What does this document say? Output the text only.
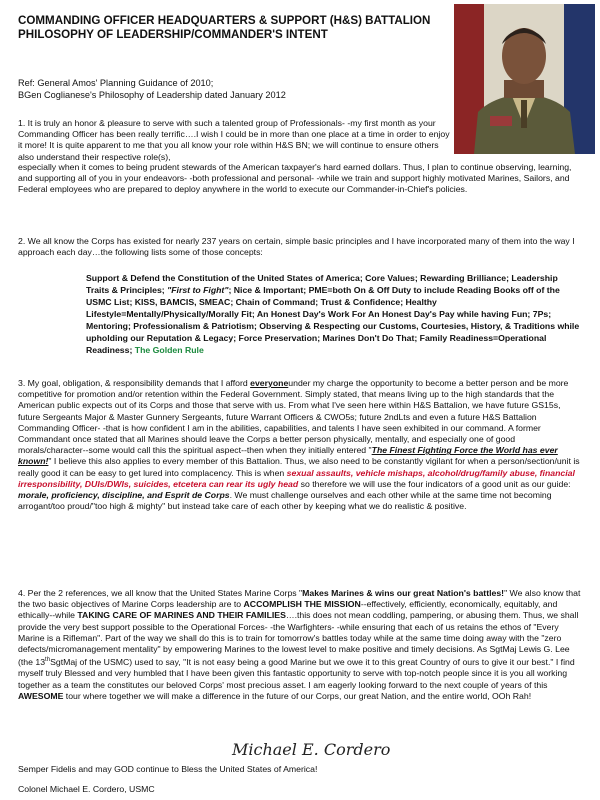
COMMANDING OFFICER HEADQUARTERS & SUPPORT (H&S) BATTALION
PHILOSOPHY OF LEADERSHIP/COMMANDER'S INTENT
Ref: General Amos' Planning Guidance of 2010;
BGen Coglianese's Philosophy of Leadership dated January 2012
1. It is truly an honor & pleasure to serve with such a talented group of Professionals- -my first month as your Commanding Officer has been really terrific….I wish I could be in more than one place at a time in order to enjoy it more! It is quite apparent to me that you all know your role within H&S BN; we will continue to ensure others also understand their respective role(s),
especially when it comes to being prudent stewards of the American taxpayer's hard earned dollars. Thus, I plan to continue observing, learning, and supporting all of you in your endeavors- -both professional and personal- -while we train and support highly motivated Marines, Sailors, and Federal employees who are prepared to deploy anywhere in the world to execute our Commander-in-Chief's policies.
2. We all know the Corps has existed for nearly 237 years on certain, simple basic principles and I have incorporated many of them into the way I approach each day…the following lists some of those concepts:
Support & Defend the Constitution of the United States of America; Core Values; Rewarding Brilliance; Leadership Traits & Principles; "First to Fight"; Nice & Important; PME=both On & Off Duty to include Reading Books off of the USMC List; KISS, BAMCIS, SMEAC; Chain of Command; Trust & Confidence; Healthy Lifestyle=Mentally/Physically/Morally Fit; An Honest Day's Work For An Honest Day's Pay while having Fun; 7Ps; Mentoring; Professionalism & Patriotism; Observing & Respecting our Customs, Courtesies, History, & Traditions while upholding our Reputation & Legacy; Force Preservation; Marines Don't Do That; Family Readiness=Operational Readiness; The Golden Rule
3. My goal, obligation, & responsibility demands that I afford everyoneunder my charge the opportunity to become a better person and be more competitive for promotion and/or retention within the Federal Government. Simply stated, that means living up to the high standards that the American public expects out of its Corps and those that serve with us. From what I've seen here within H&S Battalion, we have future GS15s, future Sergeants Major & Master Gunnery Sergeants, future Warrant Officers & CWO5s; future 2ndLts and even a future H&S Battalion Commanding Officer- -that is how confident I am in the abilities, capabilities, and talents I have seen exhibited in our command. A former Commandant once stated that all Marines should leave the Corps a better person physically, mentally, and especially one of good morals/character--some would call this the spiritual aspect--then when they initially entered "The Finest Fighting Force the World has ever known!" I believe this also applies to every member of this Battalion. Thus, we also need to be constantly vigilant for when a person/section/unit is really good it can be easy to get lured into complacency. This is when sexual assaults, vehicle mishaps, alcohol/drug/family abuse, financial irresponsibility, DUIs/DWIs, suicides, etcetera can rear its ugly head so therefore we will use the four indicators of a good unit as our guide: morale, proficiency, discipline, and Esprit de Corps. We must challenge ourselves and each other while at the same time not becoming arrogant/too proud/"too high & mighty" but instead take care of each other by keeping what we do realistic & positive.
4. Per the 2 references, we all know that the United States Marine Corps "Makes Marines & wins our great Nation's battles!" We also know that the two basic objectives of Marine Corps leadership are to ACCOMPLISH THE MISSION--effectively, efficiently, economically, equitably, and ethically--while TAKING CARE OF MARINES AND THEIR FAMILIES….this does not mean coddling, pampering, or abusing them. Thus, we shall provide the very best support possible to the Operational Forces- -the Warfighters- -while ensuring that each of us retains the ethos of "Every Marine is a Rifleman". Part of the way we shall do this is to train for tomorrow's battles today while at the same time doing away with the "zero defects/micromanagement mentality" by empowering Marines to the lowest level to make positive and timely decisions. As SgtMaj Lewis G. Lee (the 13thSgtMaj of the USMC) used to say, "It is not easy being a good Marine but we owe it to this great Country of ours to give it our best." I find myself truly Blessed and very humbled that I have been given this fantastic opportunity to serve with top-notch people since it is you all working together as a team the constitutes our beloved Corps' most precious asset. I am eagerly looking forward to the next couple of years of this AWESOME tour where together we will make a difference in the future of our Corps, our great Nation, and the entire world, OOh Rah!
Semper Fidelis and may GOD continue to Bless the United States of America!
Michael E. Cordero
Colonel Michael E. Cordero, USMC
